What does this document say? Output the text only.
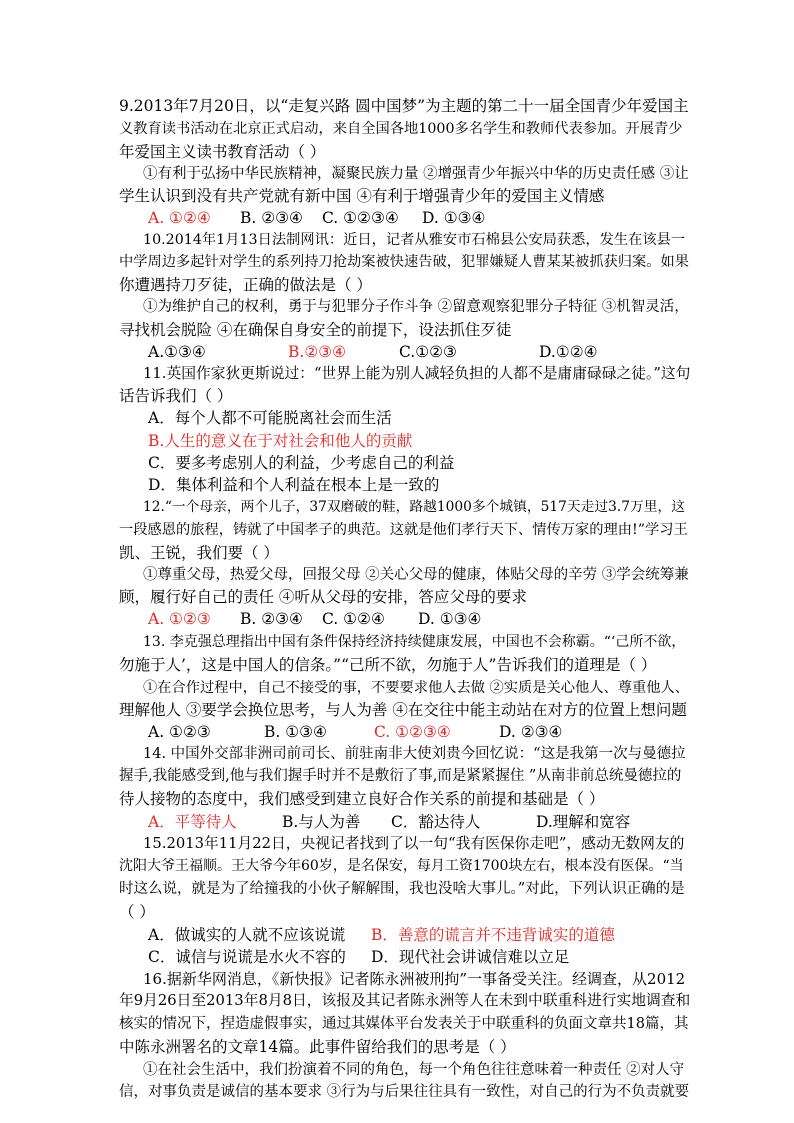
9.2013年7月20日，以“走复兴路 圆中国梦”为主题的第二十一届全国青少年爱国主
义教育读书活动在北京正式启动，来自全国各地1000多名学生和教师代表参加。开展青少
年爱国主义读书教育活动（ ）
①有利于弘扬中华民族精神，凝聚民族力量 ②增强青少年振兴中华的历史责任感 ③让
学生认识到没有共产党就有新中国 ④有利于增强青少年的爱国主义情感
A. ①②④ B. ②③④ C. ①②③④ D. ①③④
10.2014年1月13日法制网讯：近日，记者从雅安市石棉县公安局获悉，发生在该县一
中学周边多起针对学生的系列持刀抢劫案被快速告破，犯罪嫌疑人曹某某被抓获归案。如果
你遭遇持刀歹徒，正确的做法是（ ）
①为维护自己的权利，勇于与犯罪分子作斗争 ②留意观察犯罪分子特征 ③机智灵活，
寻找机会脱险 ④在确保自身安全的前提下，设法抓住歹徒
A.①③④	B.②③④	C.①②③	D.①②④
11.英国作家狄更斯说过：“世界上能为别人减轻负担的人都不是庸庸碌碌之徒。”这句
话告诉我们（ ）
A．每个人都不可能脱离社会而生活
B.人生的意义在于对社会和他人的贡献
C．要多考虑别人的利益，少考虑自己的利益
D．集体利益和个人利益在根本上是一致的
12.“一个母亲，两个儿子，37双磨破的鞋，路越1000多个城镇，517天走过3.7万里，这
一段感恩的旅程，铸就了中国孝子的典范。这就是他们孝行天下、情传万家的理由!”学习王
凯、王锐，我们要（ ）
①尊重父母，热爱父母，回报父母 ②关心父母的健康，体贴父母的辛劳 ③学会统筹兼
顾，履行好自己的责任 ④听从父母的安排，答应父母的要求
A. ①②③ B. ②③④ C. ①②④ D. ①③④
13. 李克强总理指出中国有条件保持经济持续健康发展，中国也不会称霸。“‘己所不欲，
勿施于人’，这是中国人的信条。”“己所不欲，勿施于人”告诉我们的道理是（ ）
①在合作过程中，自己不接受的事，不要要求他人去做 ②实质是关心他人、尊重他人、
理解他人 ③要学会换位思考，与人为善 ④在交往中能主动站在对方的位置上想问题
A. ①②③	B. ①③④	C. ①②③④	D. ②③④
14. 中国外交部非洲司前司长、前驻南非大使刘贵今回忆说：“这是我第一次与曼德拉
握手,我能感受到,他与我们握手时并不是敷衍了事,而是紧紧握住 ”从南非前总统曼德拉的
待人接物的态度中，我们感受到建立良好合作关系的前提和基础是（ ）
A．平等待人	B.与人为善 C．豁达待人	D.理解和宽容
15.2013年11月22日，央视记者找到了以一句“我有医保你走吧”，感动无数网友的
沈阳大爷王福顺。王大爷今年60岁，是名保安，每月工资1700块左右，根本没有医保。“当
时这么说，就是为了给撞我的小伙子解解围，我也没啥大事儿。”对此，下列认识正确的是
（ ）
A．做诚实的人就不应该说谎 B．善意的谎言并不违背诚实的道德
C．诚信与说谎是水火不容的 D．现代社会讲诚信难以立足
16.据新华网消息，《新快报》记者陈永洲被刑拘”一事备受关注。经调查，从2012
年9月26日至2013年8月8日，该报及其记者陈永洲等人在未到中联重科进行实地调查和
核实的情况下，捏造虚假事实，通过其媒体平台发表关于中联重科的负面文章共18篇，其
中陈永洲署名的文章14篇。此事件留给我们的思考是（ ）
①在社会生活中，我们扮演着不同的角色，每一个角色往往意味着一种责任 ②对人守
信，对事负责是诚信的基本要求 ③行为与后果往往具有一致性，对自己的行为不负责就要
